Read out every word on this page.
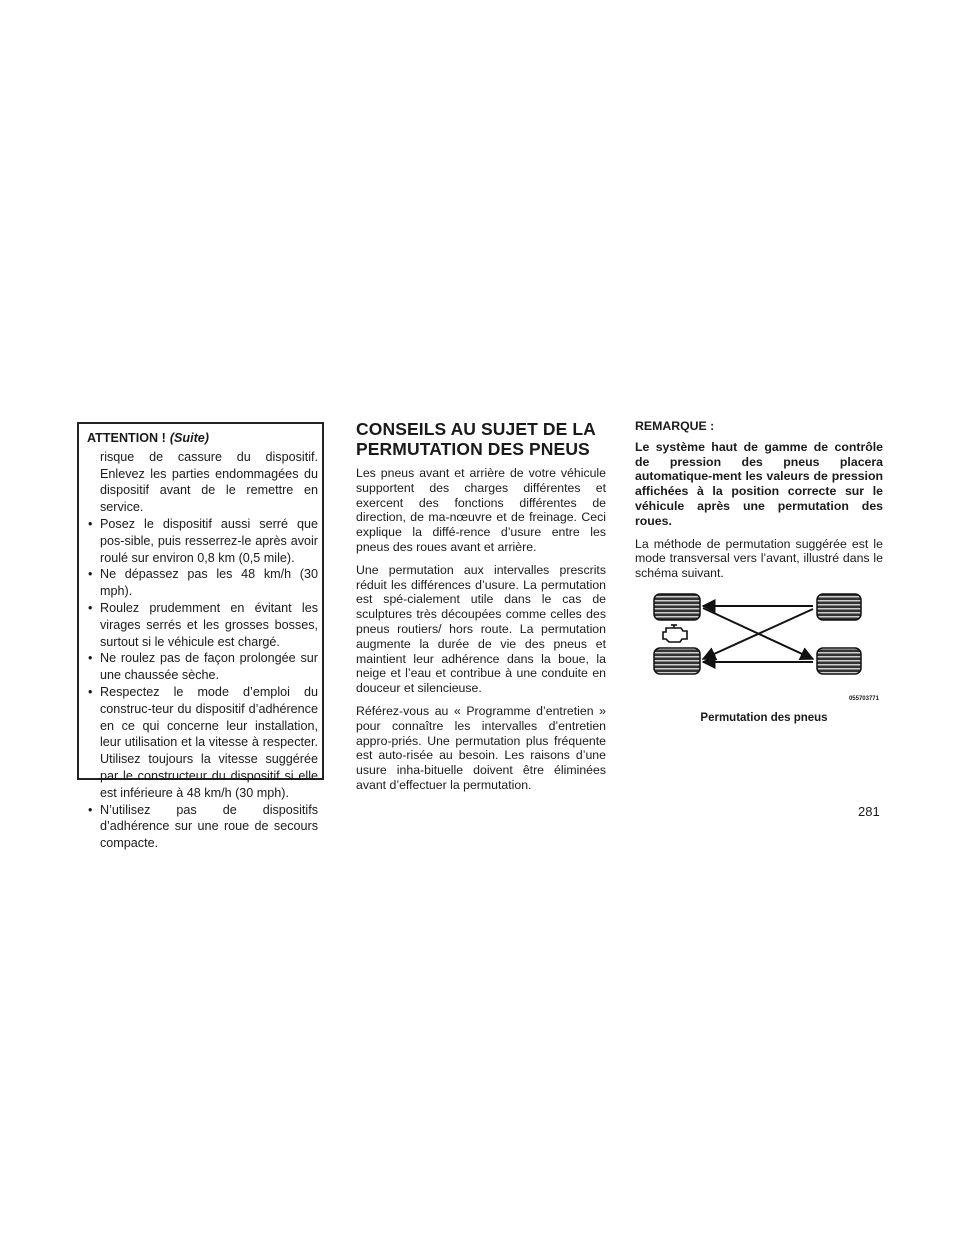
ATTENTION ! (Suite)
risque de cassure du dispositif. Enlevez les parties endommagées du dispositif avant de le remettre en service.
• Posez le dispositif aussi serré que pos-sible, puis resserrez-le après avoir roulé sur environ 0,8 km (0,5 mile).
• Ne dépassez pas les 48 km/h (30 mph).
• Roulez prudemment en évitant les virages serrés et les grosses bosses, surtout si le véhicule est chargé.
• Ne roulez pas de façon prolongée sur une chaussée sèche.
• Respectez le mode d’emploi du construc-teur du dispositif d’adhérence en ce qui concerne leur installation, leur utilisation et la vitesse à respecter. Utilisez toujours la vitesse suggérée par le constructeur du dispositif si elle est inférieure à 48 km/h (30 mph).
• N’utilisez pas de dispositifs d’adhérence sur une roue de secours compacte.
CONSEILS AU SUJET DE LA PERMUTATION DES PNEUS

Les pneus avant et arrière de votre véhicule supportent des charges différentes et exercent des fonctions différentes de direction, de ma-nœuvre et de freinage. Ceci explique la diffé-rence d’usure entre les pneus des roues avant et arrière.

Une permutation aux intervalles prescrits réduit les différences d’usure. La permutation est spé-cialement utile dans le cas de sculptures très découpées comme celles des pneus routiers/ hors route. La permutation augmente la durée de vie des pneus et maintient leur adhérence dans la boue, la neige et l’eau et contribue à une conduite en douceur et silencieuse.

Référez-vous au « Programme d’entretien » pour connaître les intervalles d’entretien appro-priés. Une permutation plus fréquente est auto-risée au besoin. Les raisons d’une usure inha-bituelle doivent être éliminées avant d’effectuer la permutation.

REMARQUE :

Le système haut de gamme de contrôle de pression des pneus placera automatique-ment les valeurs de pression affichées à la position correcte sur le véhicule après une permutation des roues.

La méthode de permutation suggérée est le mode transversal vers l’avant, illustré dans le schéma suivant.

055703771
Permutation des pneus
281
